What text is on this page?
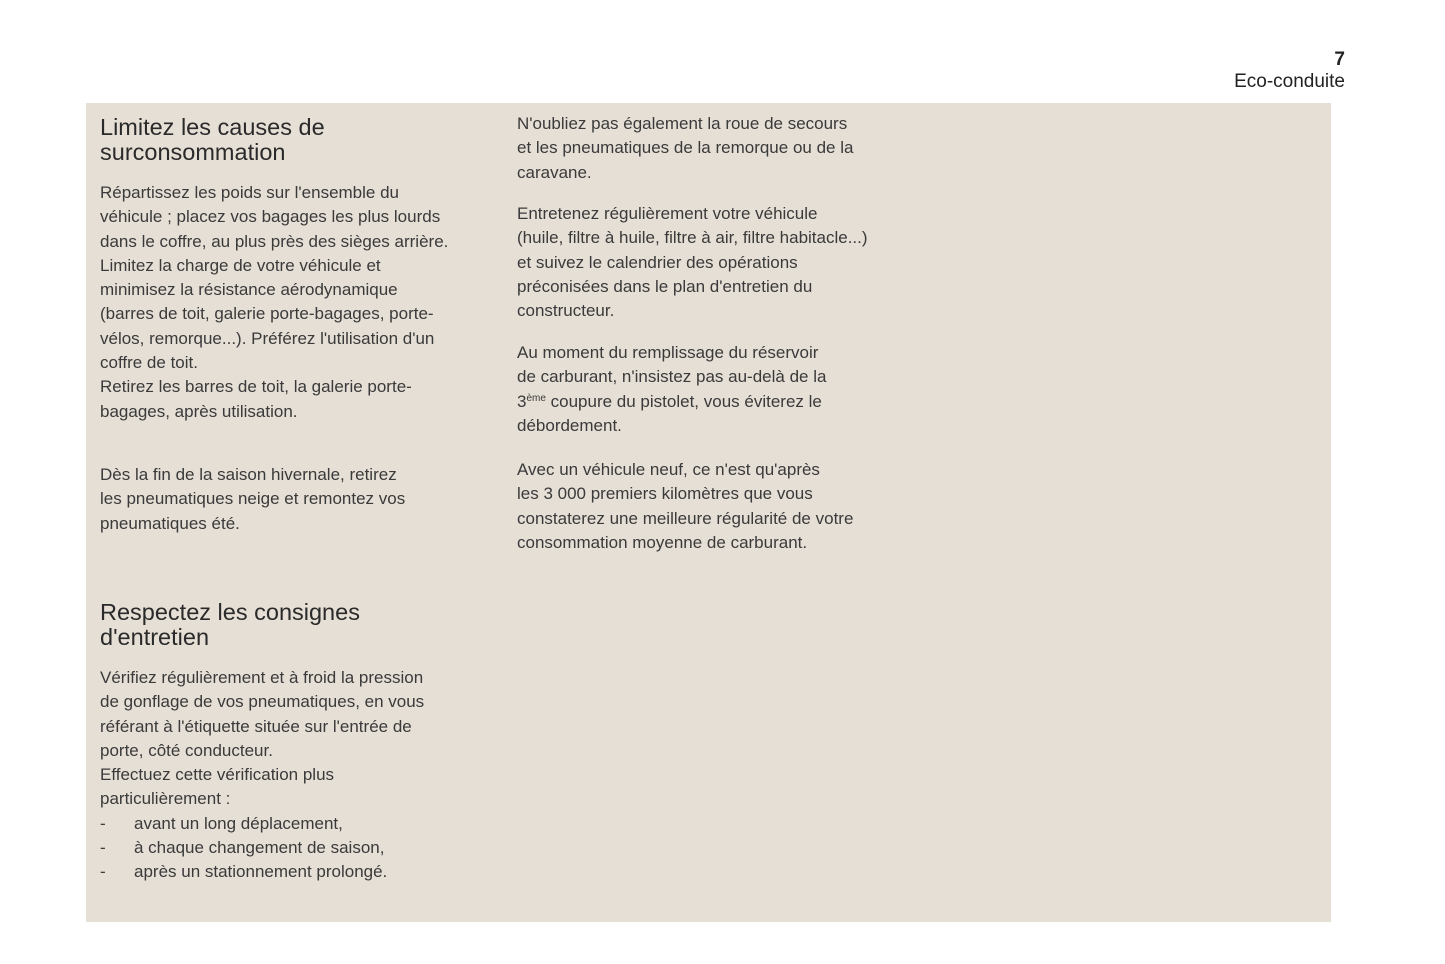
7
Eco-conduite
Limitez les causes de
surconsommation

Répartissez les poids sur l'ensemble du
véhicule ; placez vos bagages les plus lourds
dans le coffre, au plus près des sièges arrière.
Limitez la charge de votre véhicule et
minimisez la résistance aérodynamique
(barres de toit, galerie porte-bagages, porte-
vélos, remorque...). Préférez l'utilisation d'un
coffre de toit.
Retirez les barres de toit, la galerie porte-
bagages, après utilisation.

Dès la fin de la saison hivernale, retirez
les pneumatiques neige et remontez vos
pneumatiques été.

Respectez les consignes
d'entretien

Vérifiez régulièrement et à froid la pression
de gonflage de vos pneumatiques, en vous
référant à l'étiquette située sur l'entrée de
porte, côté conducteur.
Effectuez cette vérification plus
particulièrement :

- avant un long déplacement,
- à chaque changement de saison,
- après un stationnement prolongé.

N'oubliez pas également la roue de secours
et les pneumatiques de la remorque ou de la
caravane.

Entretenez régulièrement votre véhicule
(huile, filtre à huile, filtre à air, filtre habitacle...)
et suivez le calendrier des opérations
préconisées dans le plan d'entretien du
constructeur.

Au moment du remplissage du réservoir
de carburant, n'insistez pas au-delà de la
3ème coupure du pistolet, vous éviterez le
débordement.

Avec un véhicule neuf, ce n'est qu'après
les 3 000 premiers kilomètres que vous
constaterez une meilleure régularité de votre
consommation moyenne de carburant.
